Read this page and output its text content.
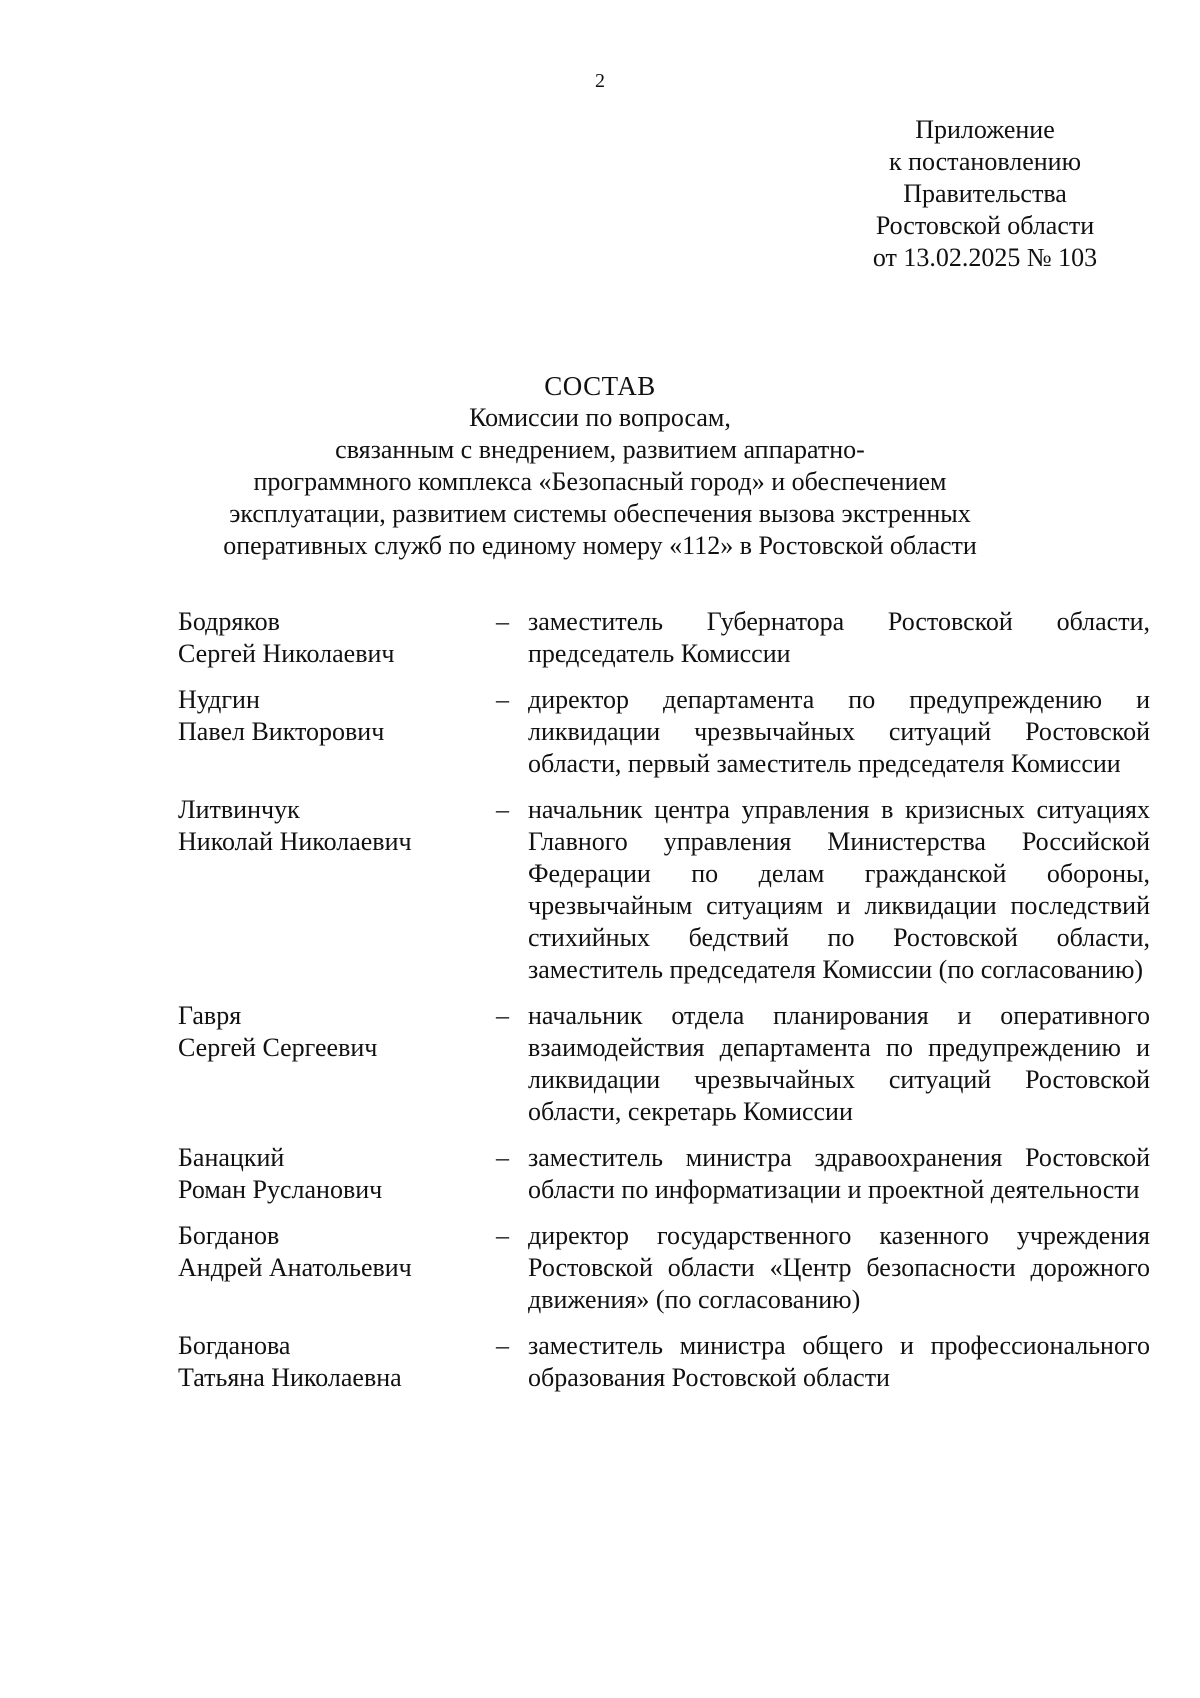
2
Приложение
к постановлению
Правительства
Ростовской области
от 13.02.2025 № 103
СОСТАВ
Комиссии по вопросам,
связанным с внедрением, развитием аппаратно-
программного комплекса «Безопасный город» и обеспечением
эксплуатации, развитием системы обеспечения вызова экстренных
оперативных служб по единому номеру «112» в Ростовской области
Бодряков
Сергей Николаевич
– заместитель Губернатора Ростовской области, председатель Комиссии
Нудгин
Павел Викторович
– директор департамента по предупреждению и ликвидации чрезвычайных ситуаций Ростовской области, первый заместитель председателя Комиссии
Литвинчук
Николай Николаевич
– начальник центра управления в кризисных ситуациях Главного управления Министерства Российской Федерации по делам гражданской обороны, чрезвычайным ситуациям и ликвидации последствий стихийных бедствий по Ростовской области, заместитель председателя Комиссии (по согласованию)
Гавря
Сергей Сергеевич
– начальник отдела планирования и оперативного взаимодействия департамента по предупреждению и ликвидации чрезвычайных ситуаций Ростовской области, секретарь Комиссии
Банацкий
Роман Русланович
– заместитель министра здравоохранения Ростовской области по информатизации и проектной деятельности
Богданов
Андрей Анатольевич
– директор государственного казенного учреждения Ростовской области «Центр безопасности дорожного движения» (по согласованию)
Богданова
Татьяна Николаевна
– заместитель министра общего и профессионального образования Ростовской области
